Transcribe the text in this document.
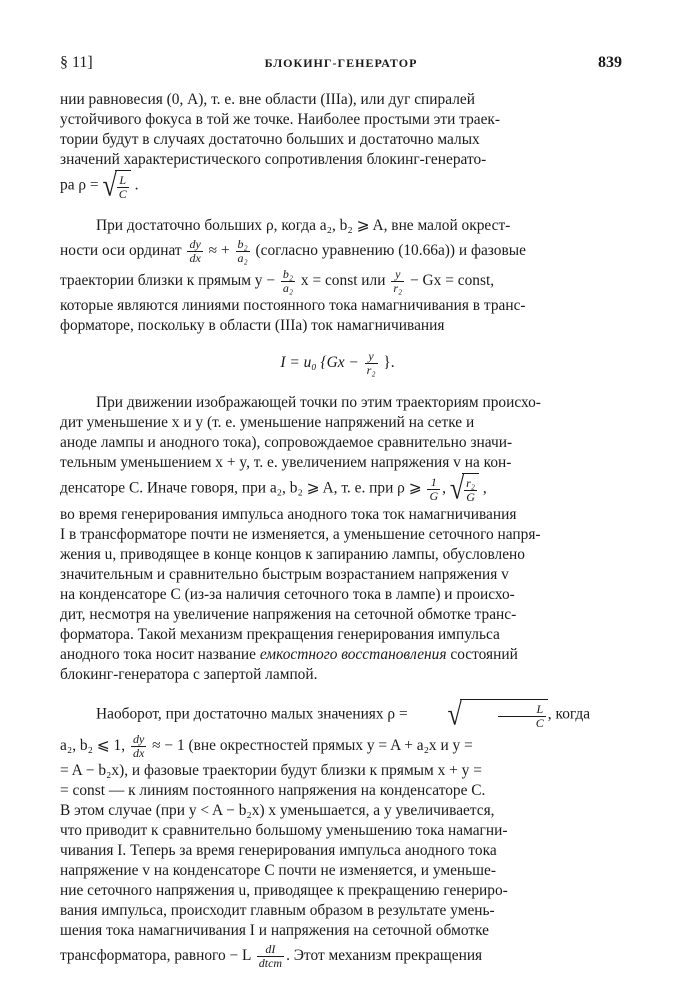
§ 11]	БЛОКИНГ-ГЕНЕРАТОР	839

нии равновесия (0, A), т. е. вне области (IIIa), или дуг спиралей

устойчивого фокуса в той же точке. Наиболее простыми эти траек-

тории будут в случаях достаточно больших и достаточно малых

значений характеристического сопротивления блокинг-генерато-

ра ρ = √ $\frac{L}{C}$ .

При достаточно больших ρ, когда a₂, b₂ ⩾ A, вне малой окрест-

ности оси ординат $\frac{dy}{dx}$ ≈ + $\frac{\text{b₂}}{\text{a₂}}$ (согласно уравнению (10.66a)) и фазовые

траектории близки к прямым $y - \frac{\text{b₂}}{\text{a₂}}$ x = const или $\frac{y}{\text{r₂}} - Gx$ = const,

которые являются линиями постоянного тока намагничивания в транс-

форматоре, поскольку в области (IIIa) ток намагничивания

I = u₀ {$Gx - \frac{y}{\text{r₂}}$ }.

При движении изображающей точки по этим траекториям происхо-

дит уменьшение x и y (т. е. уменьшение напряжений на сетке и

аноде лампы и анодного тока), сопровождаемое сравнительно значи-

тельным уменьшением x + y, т. е. увеличением напряжения v на кон-

денсаторе C. Иначе говоря, при a₂, b₂ ⩾ A, т. е. при ρ ⩾ $\frac{1}{G}$ , √ $\frac{\text{r₂}}{G}$ ,

во время генерирования импульса анодного тока ток намагничивания

I в трансформаторе почти не изменяется, а уменьшение сеточного напря-

жения u, приводящее в конце концов к запиранию лампы, обусловлено

значительным и сравнительно быстрым возрастанием напряжения v

на конденсаторе C (из-за наличия сеточного тока в лампе) и происхо-

дит, несмотря на увеличение напряжения на сеточной обмотке транс-

форматора. Такой механизм прекращения генерирования импульса

анодного тока носит название емкостного восстановления состояний

блокинг-генератора с запертой лампой.

Наоборот, при достаточно малых значениях ρ = √	$\frac{L}{C}$ , когда

a₂, b₂ ⩽ 1, $\frac{dy}{dx}$ ≈ − 1 (вне окрестностей прямых y = A + a₂x и y =

= A − b₂x), и фазовые траектории будут близки к прямым x + y =

= const — к линиям постоянного напряжения на конденсаторе C.

В этом случае (при y < A − b₂x) x уменьшается, а y увеличивается,

что приводит к сравнительно большому уменьшению тока намагни-

чивания I. Теперь за время генерирования импульса анодного тока

напряжение v на конденсаторе C почти не изменяется, и уменьше-

ние сеточного напряжения u, приводящее к прекращению генериро-

вания импульса, происходит главным образом в результате умень-

шения тока намагничивания I и напряжения на сеточной обмотке

трансформатора, равного − L $\frac{dI}{\text{dtст}}$ . Этот механизм прекращения
